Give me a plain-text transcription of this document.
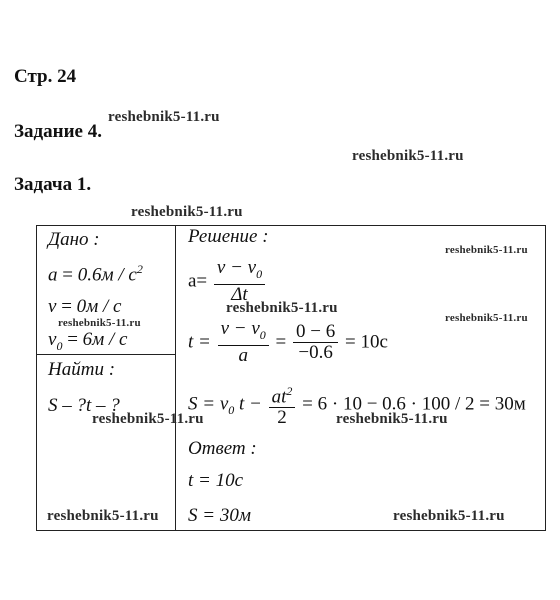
Стр. 24
Задание 4.
Задача 1.
Дано :
$a = 0.6м / с^2$
v = 0м / с
$v_0 = 6м / с$
Найти :
S – ?t – ?
Решение :
$a= \frac{v - v_0}{\Delta t}$
$t = \frac{v - v_0}{a} = \frac{0 - 6}{-0.6} = 10с$
$S = v_0$ $t - \frac{at^2}{2} = 6 \cdot 10 - 0.6 \cdot 100 / 2 = 30м$
Ответ :
t = 10с
S = 30м
reshebnik5-11.ru
reshebnik5-11.ru
reshebnik5-11.ru
reshebnik5-11.ru
reshebnik5-11.ru
reshebnik5-11.ru	reshebnik5-11.ru
reshebnik5-11.ru	reshebnik5-11.ru
reshebnik5-11.ru	reshebnik5-11.ru
